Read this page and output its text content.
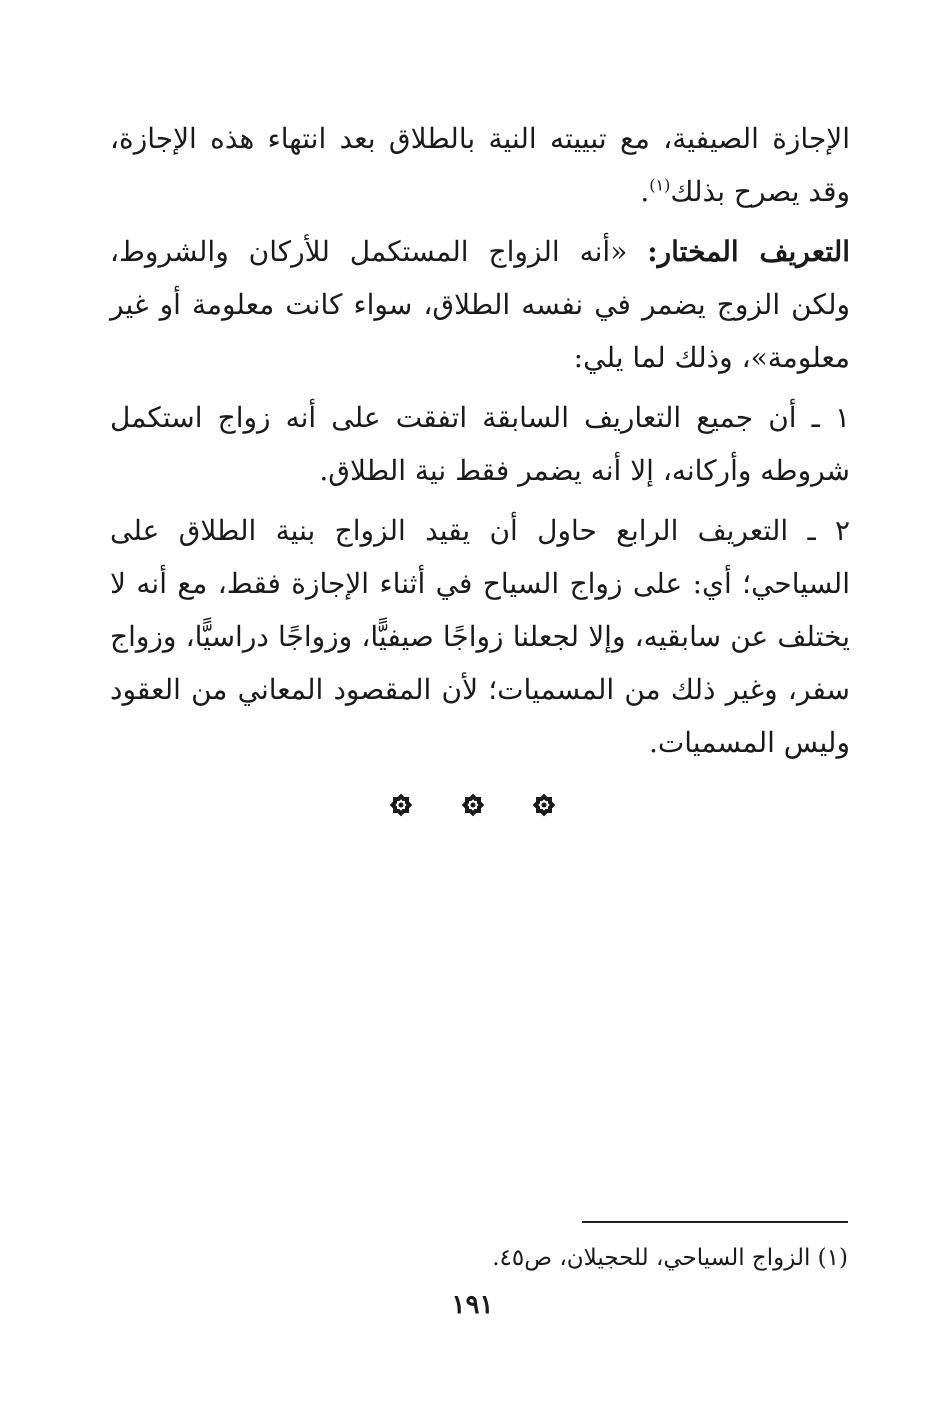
الإجازة الصيفية، مع تبييته النية بالطلاق بعد انتهاء هذه الإجازة، وقد يصرح بذلك$^{(١)}$.

التعريف المختار: «أنه الزواج المستكمل للأركان والشروط، ولكن الزوج يضمر في نفسه الطلاق، سواء كانت معلومة أو غير معلومة»، وذلك لما يلي:

١ ـ أن جميع التعاريف السابقة اتفقت على أنه زواج استكمل شروطه وأركانه، إلا أنه يضمر فقط نية الطلاق.

٢ ـ التعريف الرابع حاول أن يقيد الزواج بنية الطلاق على السياحي؛ أي: على زواج السياح في أثناء الإجازة فقط، مع أنه لا يختلف عن سابقيه، وإلا لجعلنا زواجًا صيفيًّا، وزواجًا دراسيًّا، وزواج سفر، وغير ذلك من المسميات؛ لأن المقصود المعاني من العقود وليس المسميات.

(١) الزواج السياحي، للحجيلان، ص٤٥.
١٩١
